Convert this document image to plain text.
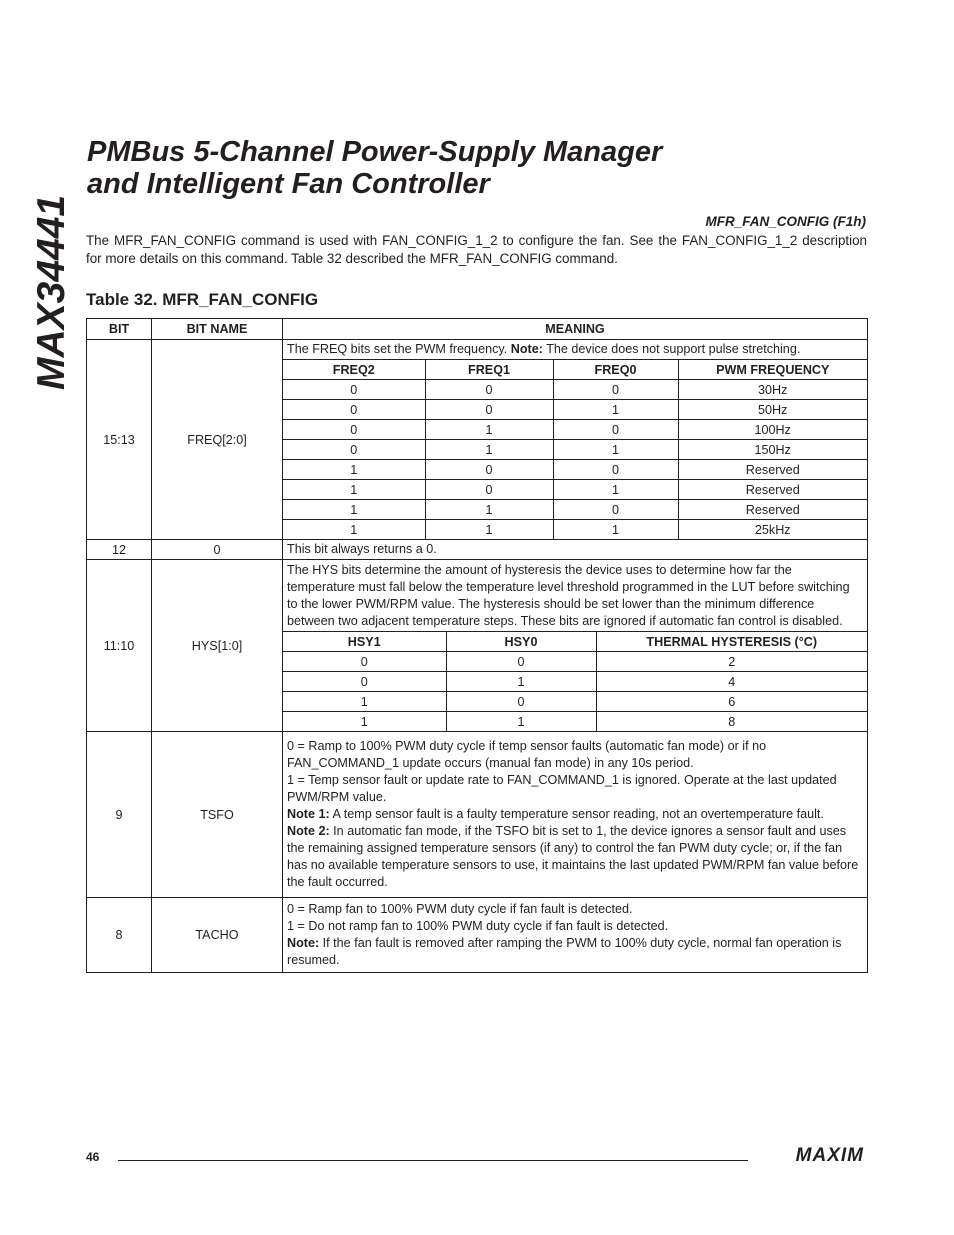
MAX34441
PMBus 5-Channel Power-Supply Manager
and Intelligent Fan Controller
MFR_FAN_CONFIG (F1h)

The MFR_FAN_CONFIG command is used with FAN_CONFIG_1_2 to configure the fan. See the FAN_CONFIG_1_2 description for more details on this command. Table 32 described the MFR_FAN_CONFIG command.

Table 32. MFR_FAN_CONFIG
BIT	BIT NAME	MEANING
15:13	FREQ[2:0]	
The FREQ bits set the PWM frequency. Note: The device does not support pulse stretching.
FREQ2	FREQ1	FREQ0	PWM FREQUENCY
0	0	0	30Hz
0	0	1	50Hz
0	1	0	100Hz
0	1	1	150Hz
1	0	0	Reserved
1	0	1	Reserved
1	1	0	Reserved
1	1	1	25kHz

12	0	This bit always returns a 0.

11:10	HYS[1:0]	
The HYS bits determine the amount of hysteresis the device uses to determine how far the temperature must fall below the temperature level threshold programmed in the LUT before switching to the lower PWM/RPM value. The hysteresis should be set lower than the minimum difference between two adjacent temperature steps. These bits are ignored if automatic fan control is disabled.
HSY1	HSY0	THERMAL HYSTERESIS (°C)
0	0	2
0	1	4
1	0	6
1	1	8

9	TSFO	

0 = Ramp to 100% PWM duty cycle if temp sensor faults (automatic fan mode) or if no FAN_COMMAND_1 update occurs (manual fan mode) in any 10s period.

1 = Temp sensor fault or update rate to FAN_COMMAND_1 is ignored. Operate at the last updated PWM/RPM value.

Note 1: A temp sensor fault is a faulty temperature sensor reading, not an overtemperature fault.

Note 2: In automatic fan mode, if the TSFO bit is set to 1, the device ignores a sensor fault and uses the remaining assigned temperature sensors (if any) to control the fan PWM duty cycle; or, if the fan has no available temperature sensors to use, it maintains the last updated PWM/RPM fan value before the fault occurred.

8	TACHO	

0 = Ramp fan to 100% PWM duty cycle if fan fault is detected.

1 = Do not ramp fan to 100% PWM duty cycle if fan fault is detected.

Note: If the fan fault is removed after ramping the PWM to 100% duty cycle, normal fan operation is resumed.

46	MAXIM
